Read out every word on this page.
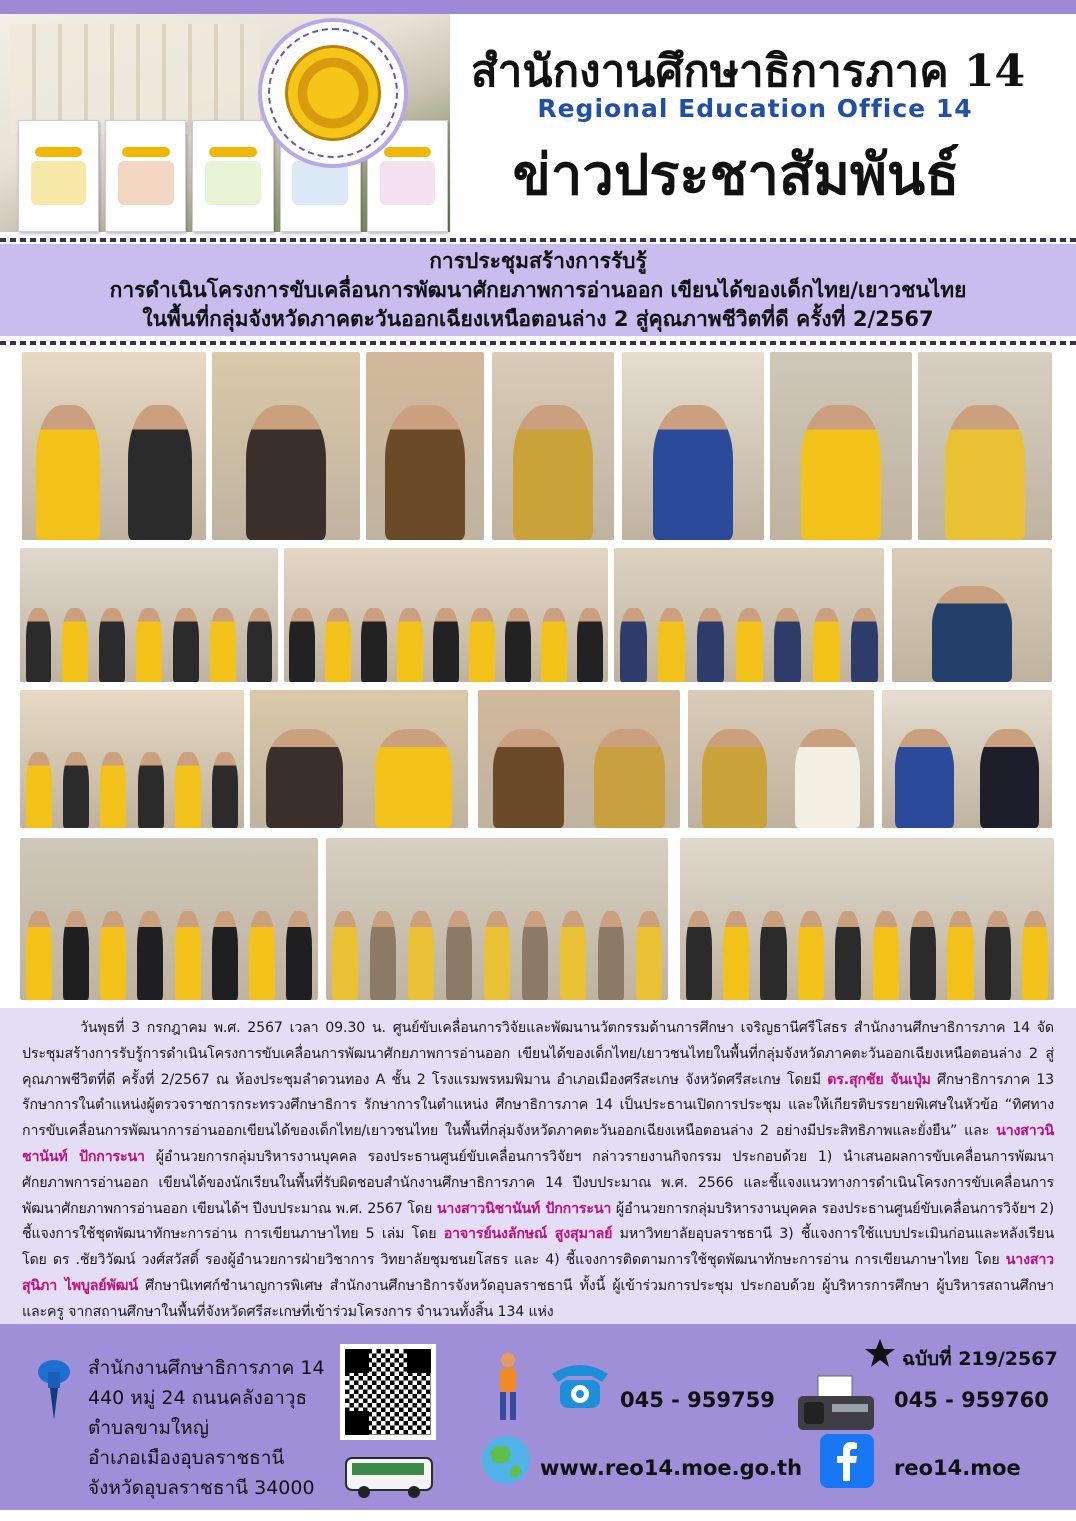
สำนักงานศึกษาธิการภาค 14
Regional Education Office 14
ข่าวประชาสัมพันธ์
การประชุมสร้างการรับรู้
การดำเนินโครงการขับเคลื่อนการพัฒนาศักยภาพการอ่านออก เขียนได้ของเด็กไทย/เยาวชนไทย
ในพื้นที่กลุ่มจังหวัดภาคตะวันออกเฉียงเหนือตอนล่าง 2 สู่คุณภาพชีวิตที่ดี ครั้งที่ 2/2567

วันพุธที่ 3 กรกฎาคม พ.ศ. 2567 เวลา 09.30 น. ศูนย์ขับเคลื่อนการวิจัยและพัฒนานวัตกรรมด้านการศึกษา เจริญธานีศรีโสธร สำนักงานศึกษาธิการภาค 14 จัดประชุมสร้างการรับรู้การดำเนินโครงการขับเคลื่อนการพัฒนาศักยภาพการอ่านออก เขียนได้ของเด็กไทย/เยาวชนไทยในพื้นที่กลุ่มจังหวัดภาคตะวันออกเฉียงเหนือตอนล่าง 2 สู่คุณภาพชีวิตที่ดี ครั้งที่ 2/2567 ณ ห้องประชุมลำดวนทอง A ชั้น 2 โรงแรมพรหมพิมาน อำเภอเมืองศรีสะเกษ จังหวัดศรีสะเกษ โดยมี ดร.สุกชัย จันเปุ่ม ศึกษาธิการภาค 13 รักษาการในตำแหน่งผู้ตรวจราชการกระทรวงศึกษาธิการ รักษาการในตำแหน่ง ศึกษาธิการภาค 14 เป็นประธานเปิดการประชุม และให้เกียรติบรรยายพิเศษในหัวข้อ “ทิศทางการขับเคลื่อนการพัฒนาการอ่านออกเขียนได้ของเด็กไทย/เยาวชนไทย ในพื้นที่กลุ่มจังหวัดภาคตะวันออกเฉียงเหนือตอนล่าง 2 อย่างมีประสิทธิภาพและยั่งยืน” และ นางสาวนิชานันท์ ปักการะนา ผู้อำนวยการกลุ่มบริหารงานบุคคล รองประธานศูนย์ขับเคลื่อนการวิจัยฯ กล่าวรายงานกิจกรรม ประกอบด้วย 1) นำเสนอผลการขับเคลื่อนการพัฒนาศักยภาพการอ่านออก เขียนได้ของนักเรียนในพื้นที่รับผิดชอบสำนักงานศึกษาธิการภาค 14 ปีงบประมาณ พ.ศ. 2566 และชี้แจงแนวทางการดำเนินโครงการขับเคลื่อนการพัฒนาศักยภาพการอ่านออก เขียนได้ฯ ปีงบประมาณ พ.ศ. 2567 โดย นางสาวนิชานันท์ ปักการะนา ผู้อำนวยการกลุ่มบริหารงานบุคคล รองประธานศูนย์ขับเคลื่อนการวิจัยฯ 2) ชี้แจงการใช้ชุดพัฒนาทักษะการอ่าน การเขียนภาษาไทย 5 เล่ม โดย อาจารย์นงลักษณ์ สูงสุมาลย์ มหาวิทยาลัยอุบลราชธานี 3) ชี้แจงการใช้แบบประเมินก่อนและหลังเรียน โดย ดร .ชัยวิวัฒน์ วงศ์สวัสดิ์ รองผู้อำนวยการฝ่ายวิชาการ วิทยาลัยชุมชนยโสธร และ 4) ชี้แจงการติดตามการใช้ชุดพัฒนาทักษะการอ่าน การเขียนภาษาไทย โดย นางสาวสุนิภา ไพบูลย์พัฒน์ ศึกษานิเทศก์ชำนาญการพิเศษ สำนักงานศึกษาธิการจังหวัดอุบลราชธานี ทั้งนี้ ผู้เข้าร่วมการประชุม ประกอบด้วย ผู้บริหารการศึกษา ผู้บริหารสถานศึกษา และครู จากสถานศึกษาในพื้นที่จังหวัดศรีสะเกษที่เข้าร่วมโครงการ จำนวนทั้งสิ้น 134 แห่ง

สำนักงานศึกษาธิการภาค 14
440 หมู่ 24 ถนนคลังอาวุธ
ตำบลขามใหญ่
อำเภอเมืองอุบลราชธานี
จังหวัดอุบลราชธานี 34000
045 - 959759
ฉบับที่ 219/2567
045 - 959760
www.reo14.moe.go.th	reo14.moe
